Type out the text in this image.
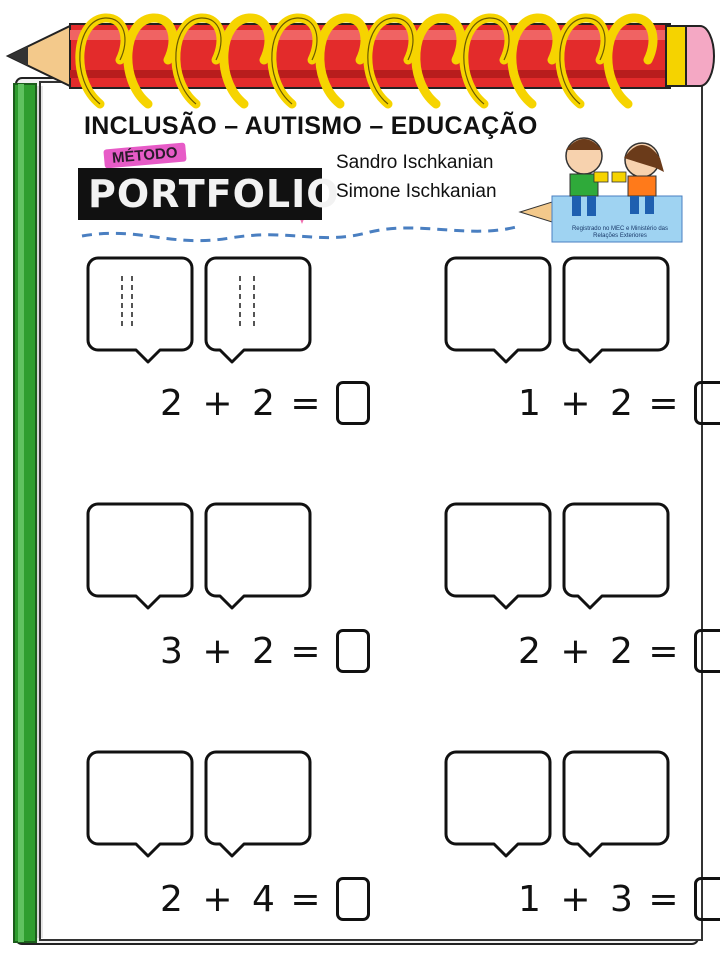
INCLUSÃO – AUTISMO – EDUCAÇÃO
MÉTODO
PORTFOLIO
Sandro Ischkanian
Simone Ischkanian
Registrado no MEC e Ministério das Relações Exteriores
2 + 2 =	1 + 2 =
3 + 2 =	2 + 2 =
2 + 4 =	1 + 3 =
